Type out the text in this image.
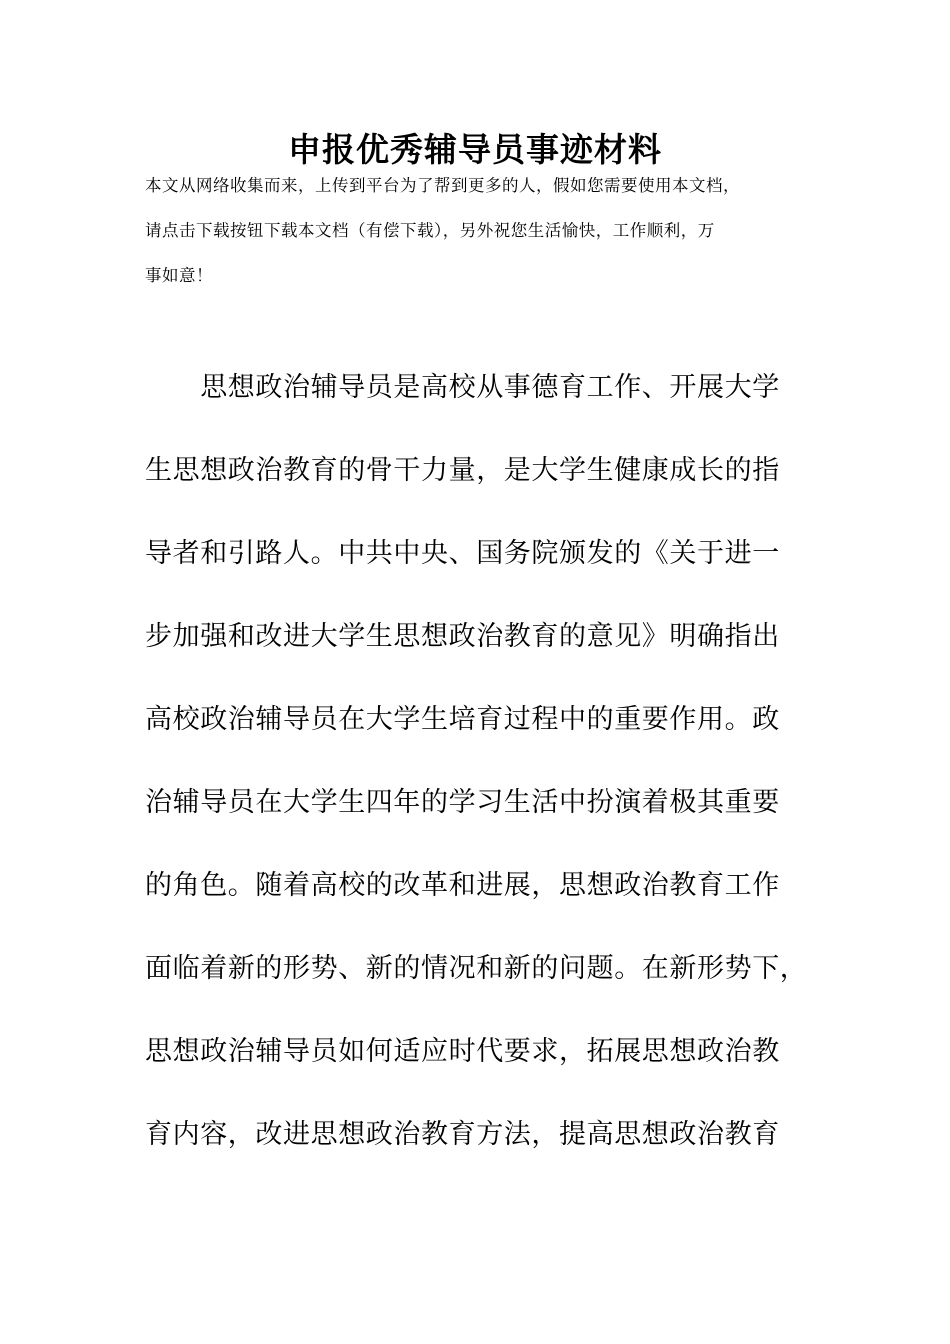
申报优秀辅导员事迹材料
本文从网络收集而来，上传到平台为了帮到更多的人，假如您需要使用本文档，
请点击下载按钮下载本文档（有偿下载），另外祝您生活愉快，工作顺利，万
事如意！
　　思想政治辅导员是高校从事德育工作、开展大学
生思想政治教育的骨干力量，是大学生健康成长的指
导者和引路人。中共中央、国务院颁发的《关于进一
步加强和改进大学生思想政治教育的意见》明确指出
高校政治辅导员在大学生培育过程中的重要作用。政
治辅导员在大学生四年的学习生活中扮演着极其重要
的角色。随着高校的改革和进展，思想政治教育工作
面临着新的形势、新的情况和新的问题。在新形势下，
思想政治辅导员如何适应时代要求，拓展思想政治教
育内容，改进思想政治教育方法，提高思想政治教育
